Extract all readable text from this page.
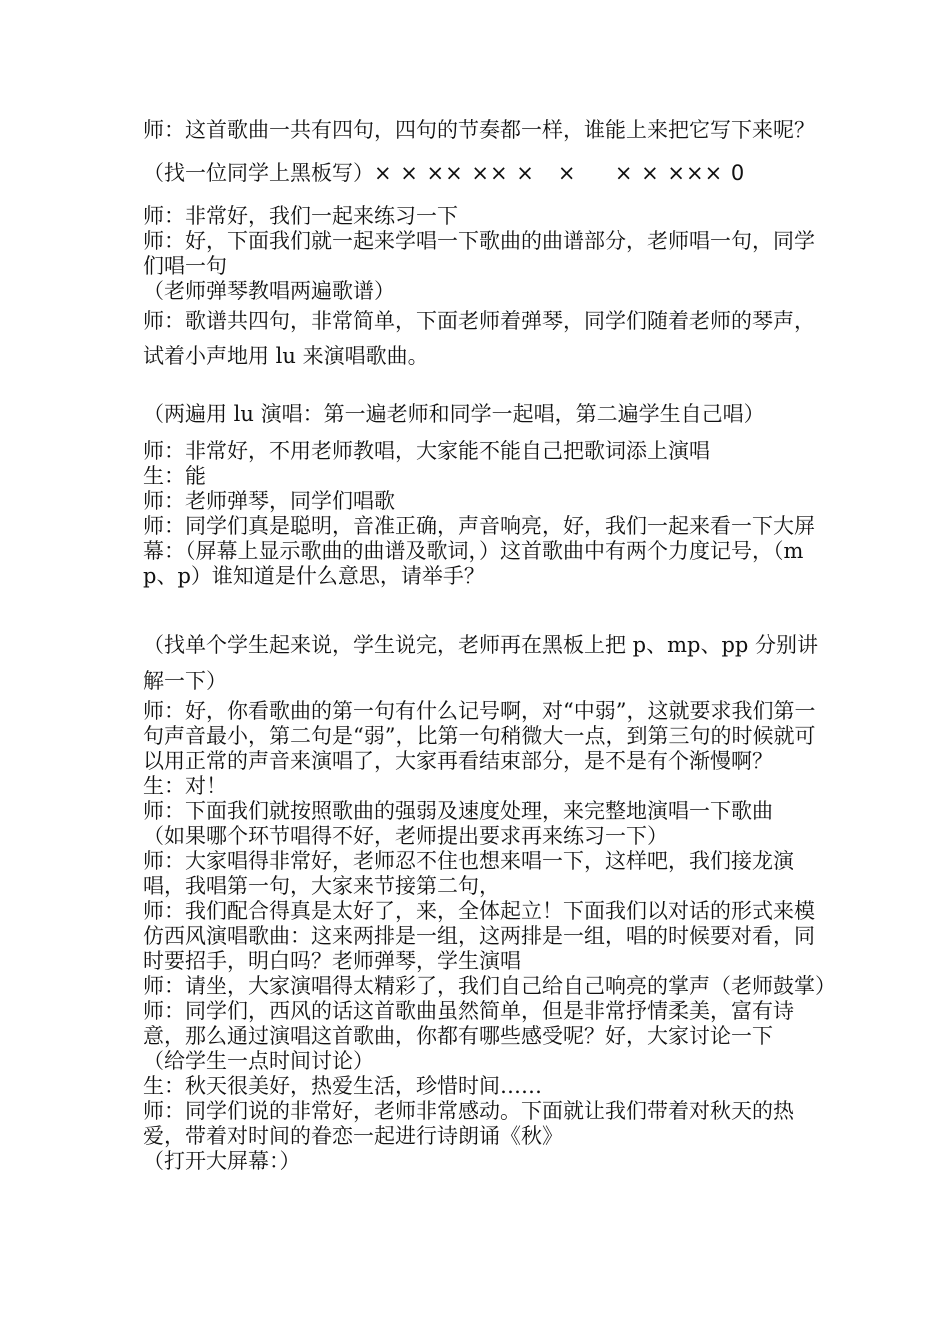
师：这首歌曲一共有四句，四句的节奏都一样，谁能上来把它写下来呢？

（找一位同学上黑板写）× × ×× ×× ×   ×     × × ××× 0

师：非常好，我们一起来练习一下

师：好，下面我们就一起来学唱一下歌曲的曲谱部分，老师唱一句，同学们唱一句

（老师弹琴教唱两遍歌谱）

师：歌谱共四句，非常简单，下面老师着弹琴，同学们随着老师的琴声，试着小声地用 lu 来演唱歌曲。

（两遍用 lu 演唱：第一遍老师和同学一起唱，第二遍学生自己唱）

师：非常好，不用老师教唱，大家能不能自己把歌词添上演唱

生：能

师：老师弹琴，同学们唱歌

师：同学们真是聪明，音准正确，声音响亮，好，我们一起来看一下大屏幕：（屏幕上显示歌曲的曲谱及歌词，）这首歌曲中有两个力度记号，（mp、p）谁知道是什么意思，请举手？

（找单个学生起来说，学生说完，老师再在黑板上把 p、mp、pp 分别讲解一下）

师：好，你看歌曲的第一句有什么记号啊，对“中弱”，这就要求我们第一句声音最小，第二句是“弱”，比第一句稍微大一点，到第三句的时候就可以用正常的声音来演唱了，大家再看结束部分，是不是有个渐慢啊？

生：对！

师：下面我们就按照歌曲的强弱及速度处理，来完整地演唱一下歌曲

（如果哪个环节唱得不好，老师提出要求再来练习一下）

师：大家唱得非常好，老师忍不住也想来唱一下，这样吧，我们接龙演唱，我唱第一句，大家来节接第二句，

师：我们配合得真是太好了，来，全体起立！下面我们以对话的形式来模仿西风演唱歌曲：这来两排是一组，这两排是一组，唱的时候要对看，同时要招手，明白吗？老师弹琴，学生演唱

师：请坐，大家演唱得太精彩了，我们自己给自己响亮的掌声（老师鼓掌）

师：同学们，西风的话这首歌曲虽然简单，但是非常抒情柔美，富有诗意，那么通过演唱这首歌曲，你都有哪些感受呢？好，大家讨论一下

（给学生一点时间讨论）

生：秋天很美好，热爱生活，珍惜时间……

师：同学们说的非常好，老师非常感动。下面就让我们带着对秋天的热爱，带着对时间的眷恋一起进行诗朗诵《秋》

（打开大屏幕：）
